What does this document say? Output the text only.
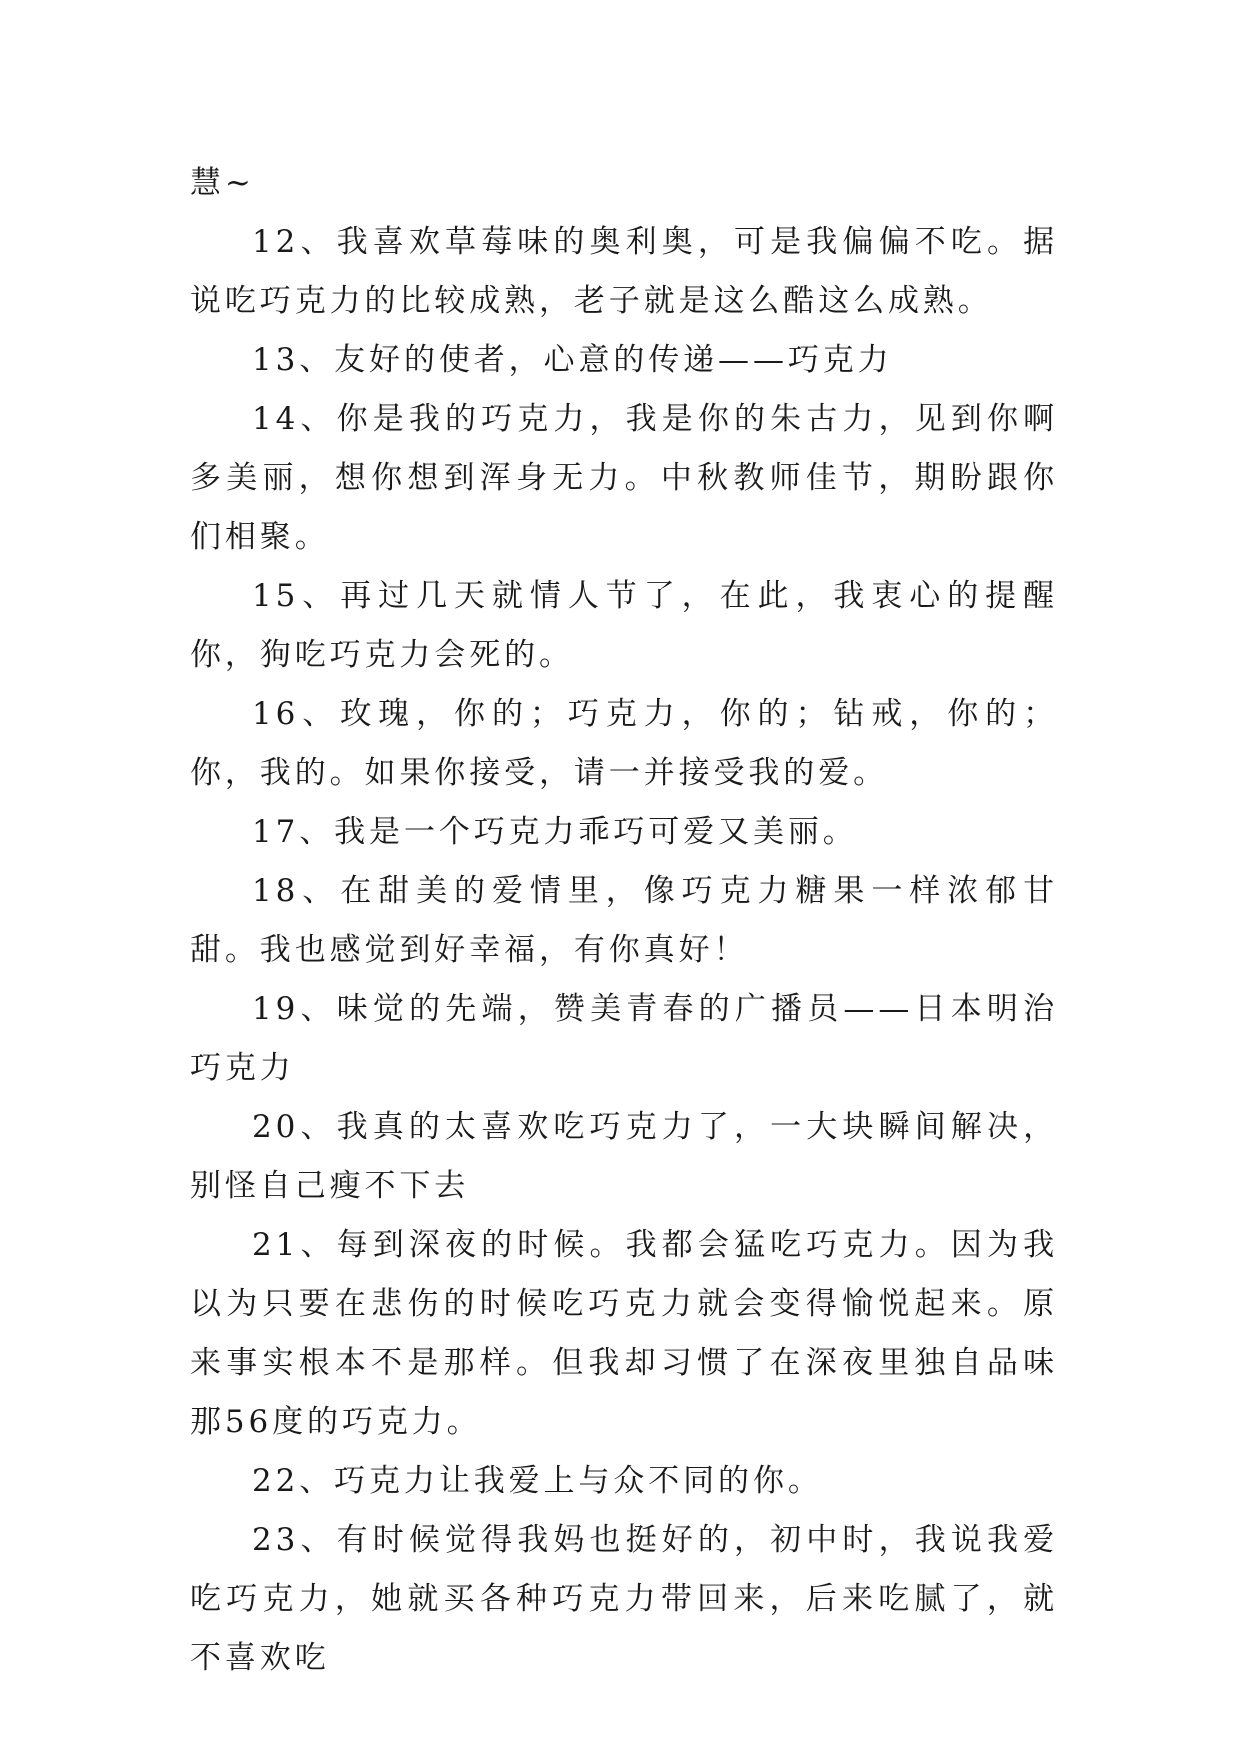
慧~

12、我喜欢草莓味的奥利奥，可是我偏偏不吃。据说吃巧克力的比较成熟，老子就是这么酷这么成熟。

13、友好的使者，心意的传递——巧克力

14、你是我的巧克力，我是你的朱古力，见到你啊多美丽，想你想到浑身无力。中秋教师佳节，期盼跟你们相聚。

15、再过几天就情人节了，在此，我衷心的提醒你，狗吃巧克力会死的。

16、玫瑰，你的；巧克力，你的；钻戒，你的；你，我的。如果你接受，请一并接受我的爱。

17、我是一个巧克力乖巧可爱又美丽。

18、在甜美的爱情里，像巧克力糖果一样浓郁甘甜。我也感觉到好幸福，有你真好！

19、味觉的先端，赞美青春的广播员——日本明治巧克力

20、我真的太喜欢吃巧克力了，一大块瞬间解决，别怪自己瘦不下去

21、每到深夜的时候。我都会猛吃巧克力。因为我以为只要在悲伤的时候吃巧克力就会变得愉悦起来。原来事实根本不是那样。但我却习惯了在深夜里独自品味那56度的巧克力。

22、巧克力让我爱上与众不同的你。

23、有时候觉得我妈也挺好的，初中时，我说我爱吃巧克力，她就买各种巧克力带回来，后来吃腻了，就不喜欢吃
